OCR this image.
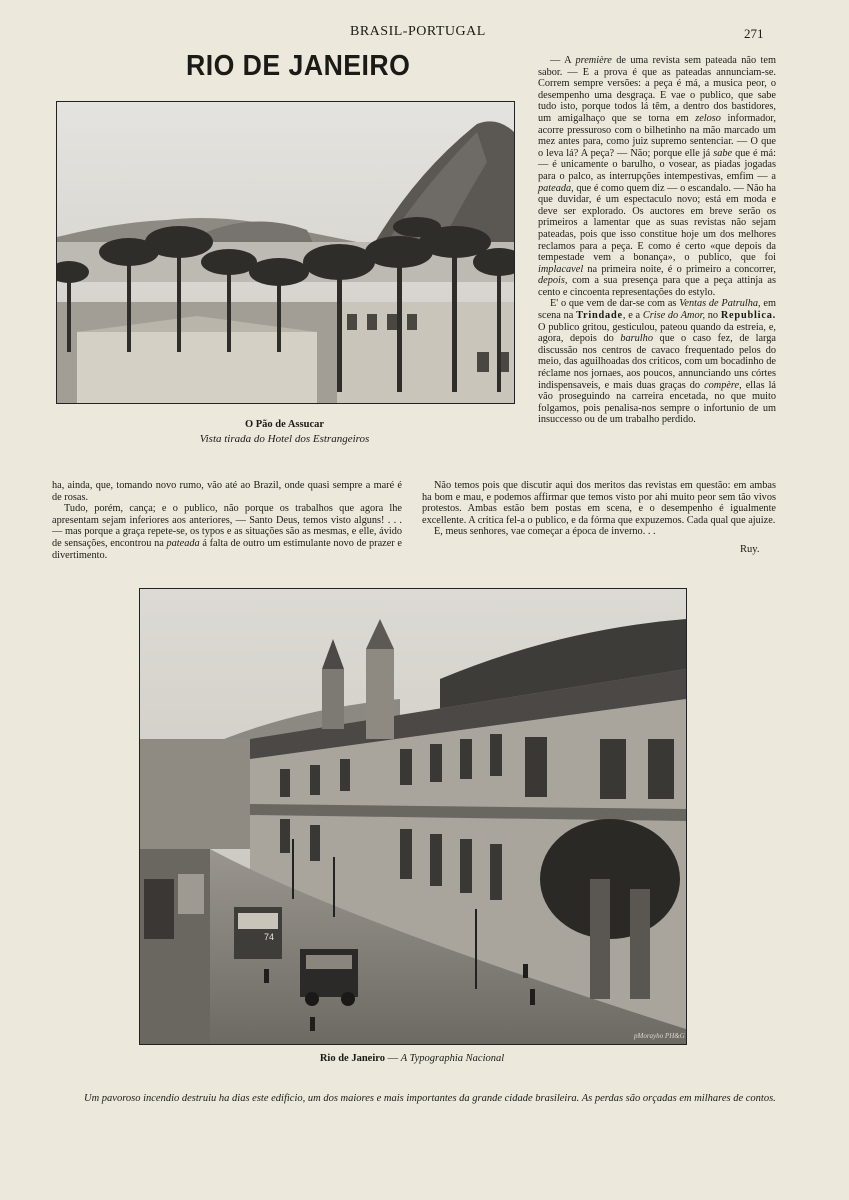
BRASIL-PORTUGAL	271
RIO DE JANEIRO
O Pão de Assucar
Vista tirada do Hotel dos Estrangeiros

ha, ainda, que, tomando novo rumo, vão até ao Brazil, onde quasi sempre a maré é de rosas.

Tudo, porém, cança; e o publico, não porque os trabalhos que agora lhe apresentam sejam inferiores aos anteriores, — Santo Deus, temos visto alguns! . . . — mas porque a graça repete-se, os typos e as situações são as mesmas, e elle, ávido de sensações, encontrou na pateada á falta de outro um estimulante novo de prazer e divertimento.

— A première de uma revista sem pateada não tem sabor. — E a prova é que as pateadas annunciam-se. Correm sempre versões: a peça é má, a musica peor, o desempenho uma desgraça. E vae o publico, que sabe tudo isto, porque todos lá têm, a dentro dos bastidores, um amigalhaço que se torna em zeloso informador, acorre pressuroso com o bilhetinho na mão marcado um mez antes para, como juiz supremo sentenciar. — O que o leva lá? A peça? — Não; porque elle já sabe que é má: — é unicamente o barulho, o vosear, as piadas jogadas para o palco, as interrupções intempestivas, emfim — a pateada, que é como quem diz — o escandalo. — Não ha que duvidar, é um espectaculo novo; está em moda e deve ser explorado. Os auctores em breve serão os primeiros a lamentar que as suas revistas não sejam pateadas, pois que isso constitue hoje um dos melhores reclamos para a peça. E como é certo «que depois da tempestade vem a bonança», o publico, que foi implacavel na primeira noite, é o primeiro a concorrer, depois, com a sua presença para que a peça attinja as cento e cincoenta representações do estylo.

E' o que vem de dar-se com as Ventas de Patrulha, em scena na Trindade, e a Crise do Amor, no Republica. O publico gritou, gesticulou, pateou quando da estreia, e, agora, depois do barulho que o caso fez, de larga discussão nos centros de cavaco frequentado pelos do meio, das aguilhoadas dos criticos, com um bocadinho de réclame nos jornaes, aos poucos, annunciando uns córtes indispensaveis, e mais duas graças do compère, ellas lá vão proseguindo na carreira encetada, no que muito folgamos, pois penalisa-nos sempre o infortunio de um insuccesso ou de um trabalho perdido.

Não temos pois que discutir aqui dos meritos das revistas em questão: em ambas ha bom e mau, e podemos affirmar que temos visto por ahi muito peor sem tão vivos protestos. Ambas estão bem postas em scena, e o desempenho é igualmente excellente. A critica fel-a o publico, e da fórma que expuzemos. Cada qual que ajuize.

E, meus senhores, vae começar a época de inverno. . .

Ruy.
74
pMorayho PH&G
Rio de Janeiro — A Typographia Nacional
Um pavoroso incendio destruiu ha dias este edificio, um dos maiores e mais importantes da grande cidade brasileira. As perdas são orçadas em milhares de contos.
